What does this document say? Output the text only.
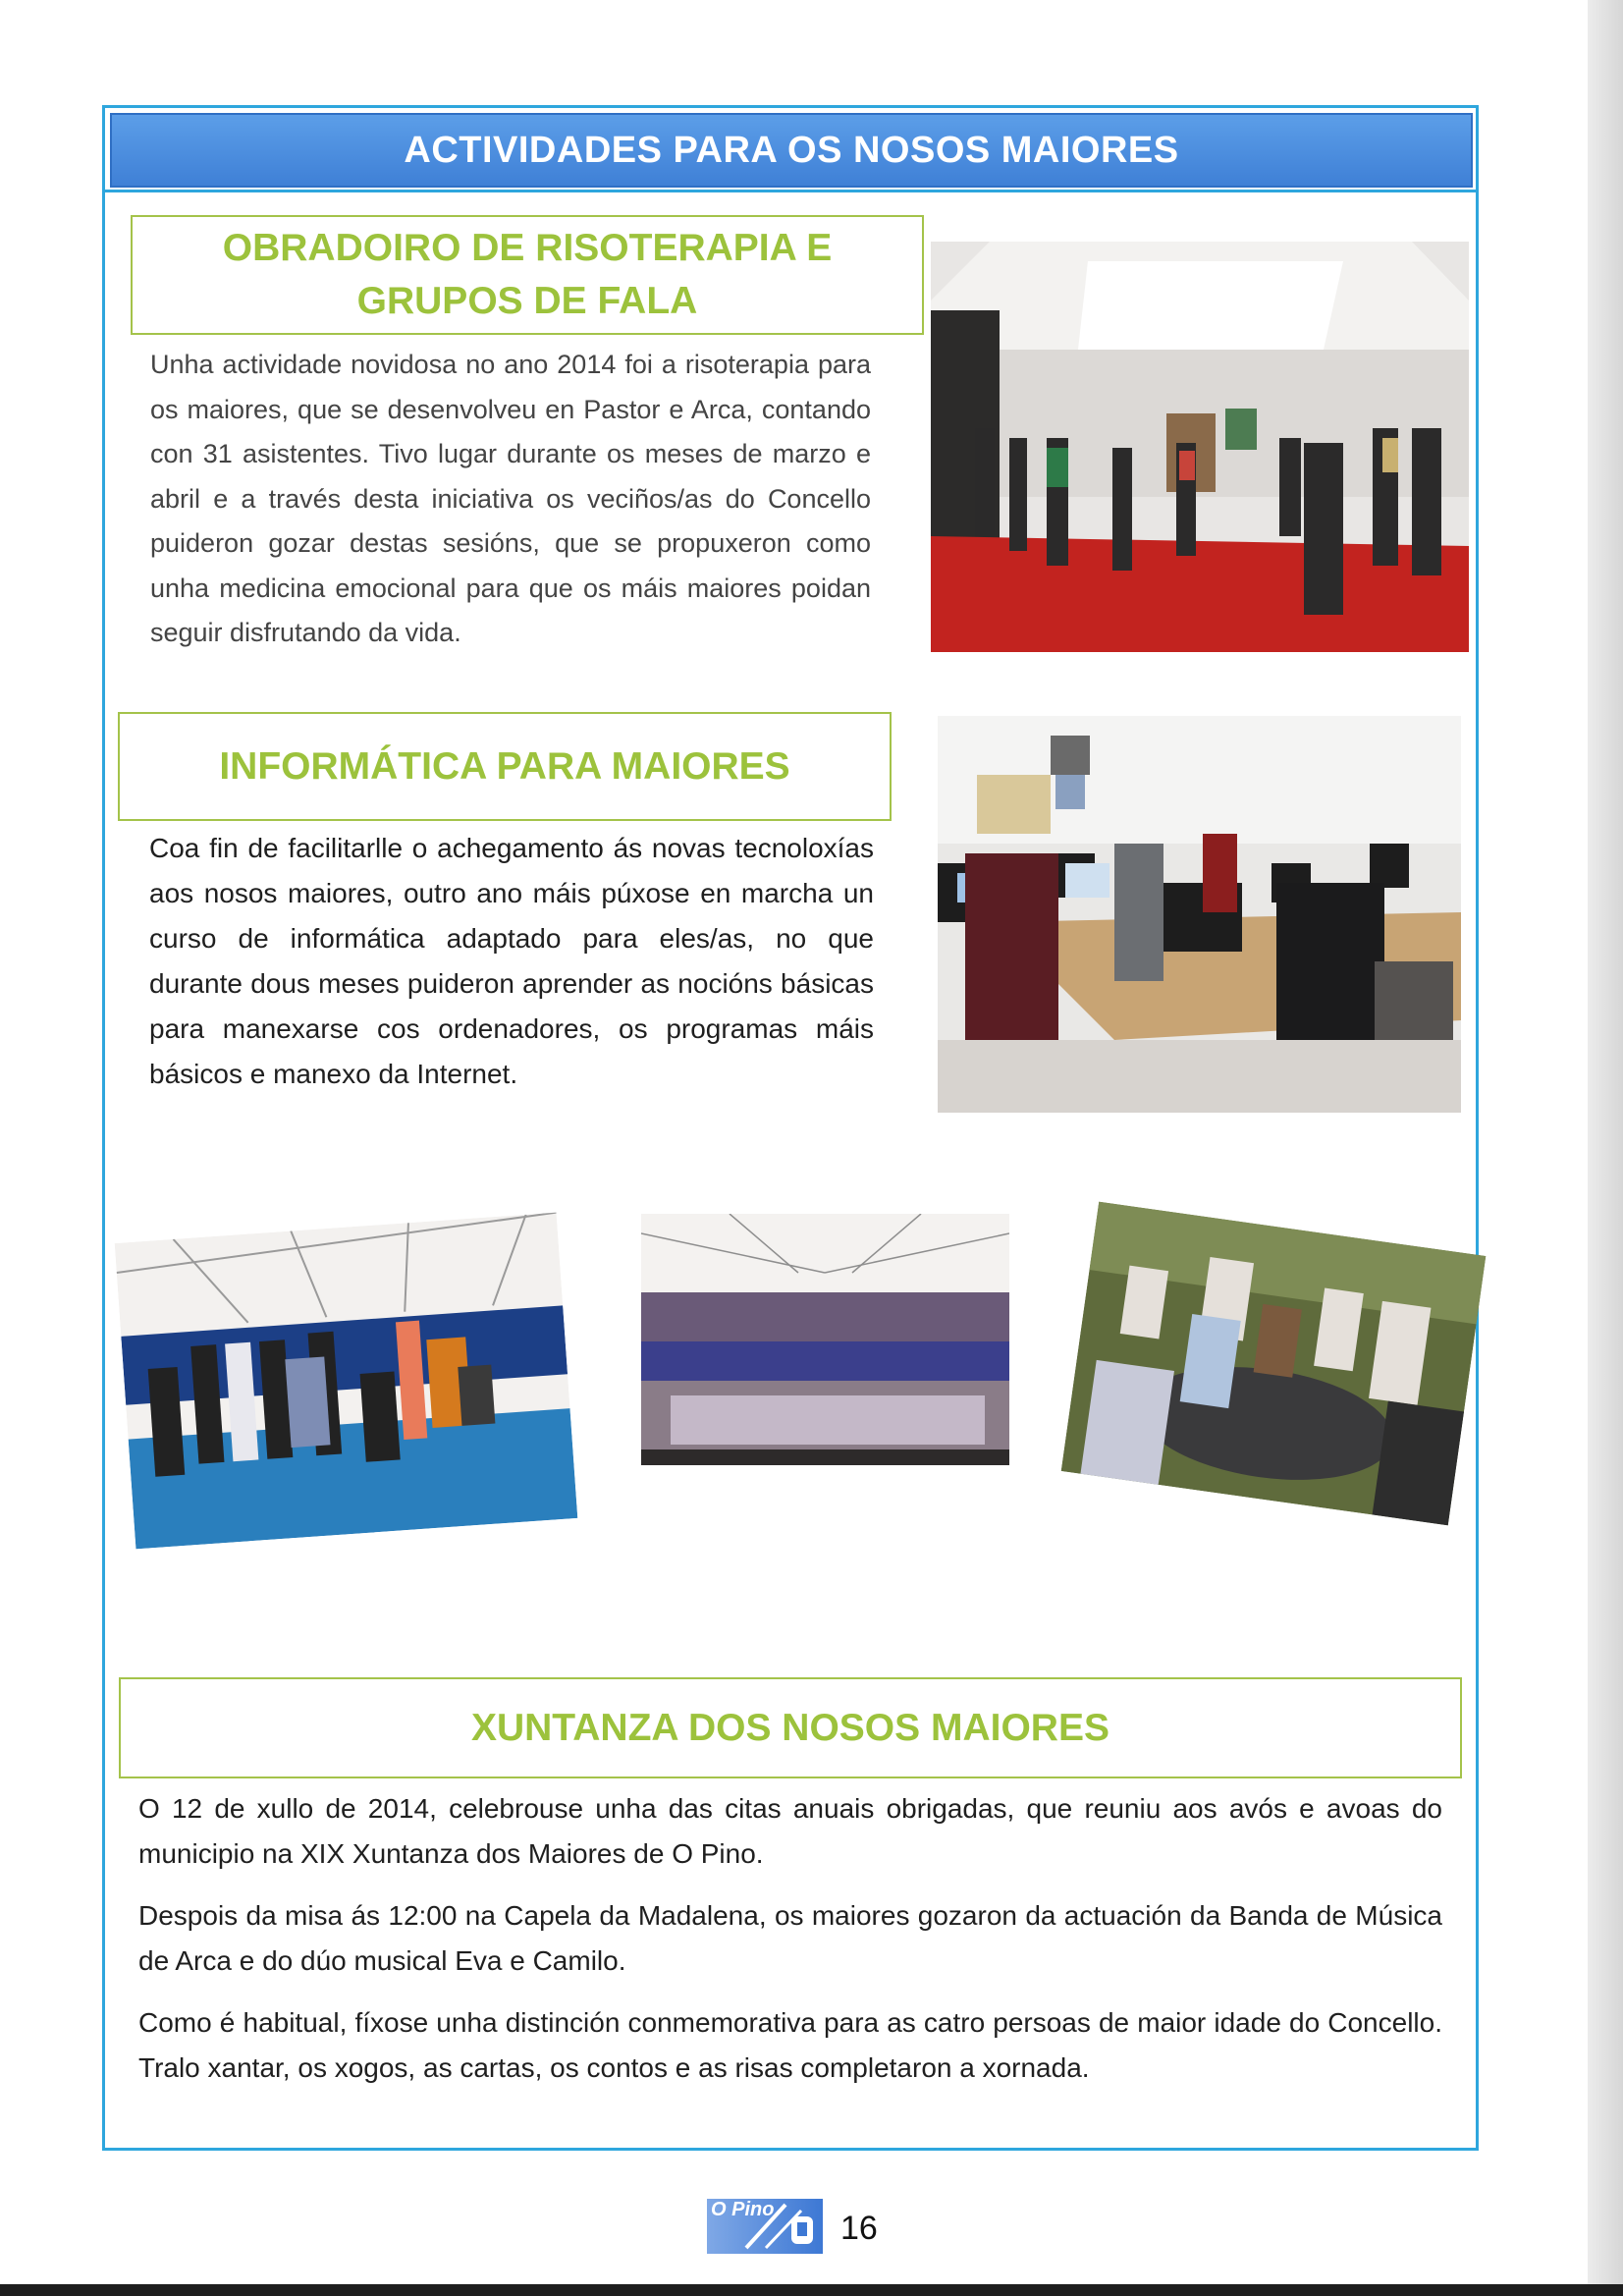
ACTIVIDADES PARA OS NOSOS MAIORES
OBRADOIRO DE RISOTERAPIA E
GRUPOS DE FALA

Unha actividade novidosa no ano 2014 foi a risoterapia para os maiores, que se desenvolveu en Pastor e Arca, contando con 31 asistentes. Tivo lugar durante os meses de marzo e abril e a través desta iniciativa os veciños/as do Concello puideron gozar destas sesións, que se propuxeron como unha medicina emocional para que os máis maiores poidan seguir disfrutando da vida.

INFORMÁTICA PARA MAIORES

Coa fin de facilitarlle o achegamento ás novas tecnoloxías aos nosos maiores, outro ano máis púxose en marcha un curso de informática adaptado para eles/as, no que durante dous meses puideron aprender as nocións básicas para manexarse cos ordenadores, os programas máis básicos e manexo da Internet.

XUNTANZA DOS NOSOS MAIORES

O 12 de xullo de 2014, celebrouse unha das citas anuais obrigadas, que reuniu aos avós e avoas do municipio na XIX Xuntanza dos Maiores de O Pino.

Despois da misa ás 12:00 na Capela da Madalena, os maiores gozaron da actuación da Banda de Música de Arca e do dúo musical Eva e Camilo.

Como é habitual, fíxose unha distinción conmemorativa para as catro persoas de maior idade do Concello. Tralo xantar, os xogos, as cartas, os contos e as risas completaron a xornada.

O Pino 16
